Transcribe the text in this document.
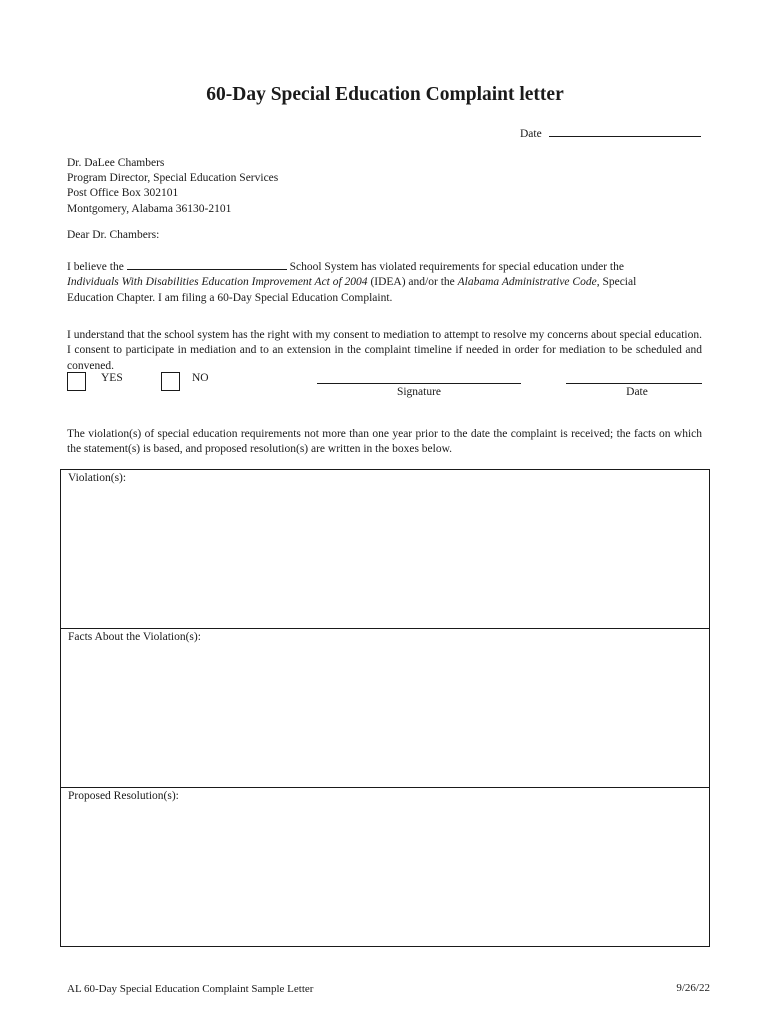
60-Day Special Education Complaint letter
Date
Dr. DaLee Chambers
Program Director, Special Education Services
Post Office Box 302101
Montgomery, Alabama 36130-2101
Dear Dr. Chambers:
I believe the	School System has violated requirements for special education under the
Individuals With Disabilities Education Improvement Act of 2004 (IDEA) and/or the Alabama Administrative Code, Special
Education Chapter. I am filing a 60-Day Special Education Complaint.
I understand that the school system has the right with my consent to mediation to attempt to resolve my concerns about special education. I consent to participate in mediation and to an extension in the complaint timeline if needed in order for mediation to be scheduled and convened.
YES	NO
Signature	Date
The violation(s) of special education requirements not more than one year prior to the date the complaint is received; the facts on which the statement(s) is based, and proposed resolution(s) are written in the boxes below.
Violation(s):
Facts About the Violation(s):
Proposed Resolution(s):
AL 60-Day Special Education Complaint Sample Letter	9/26/22
